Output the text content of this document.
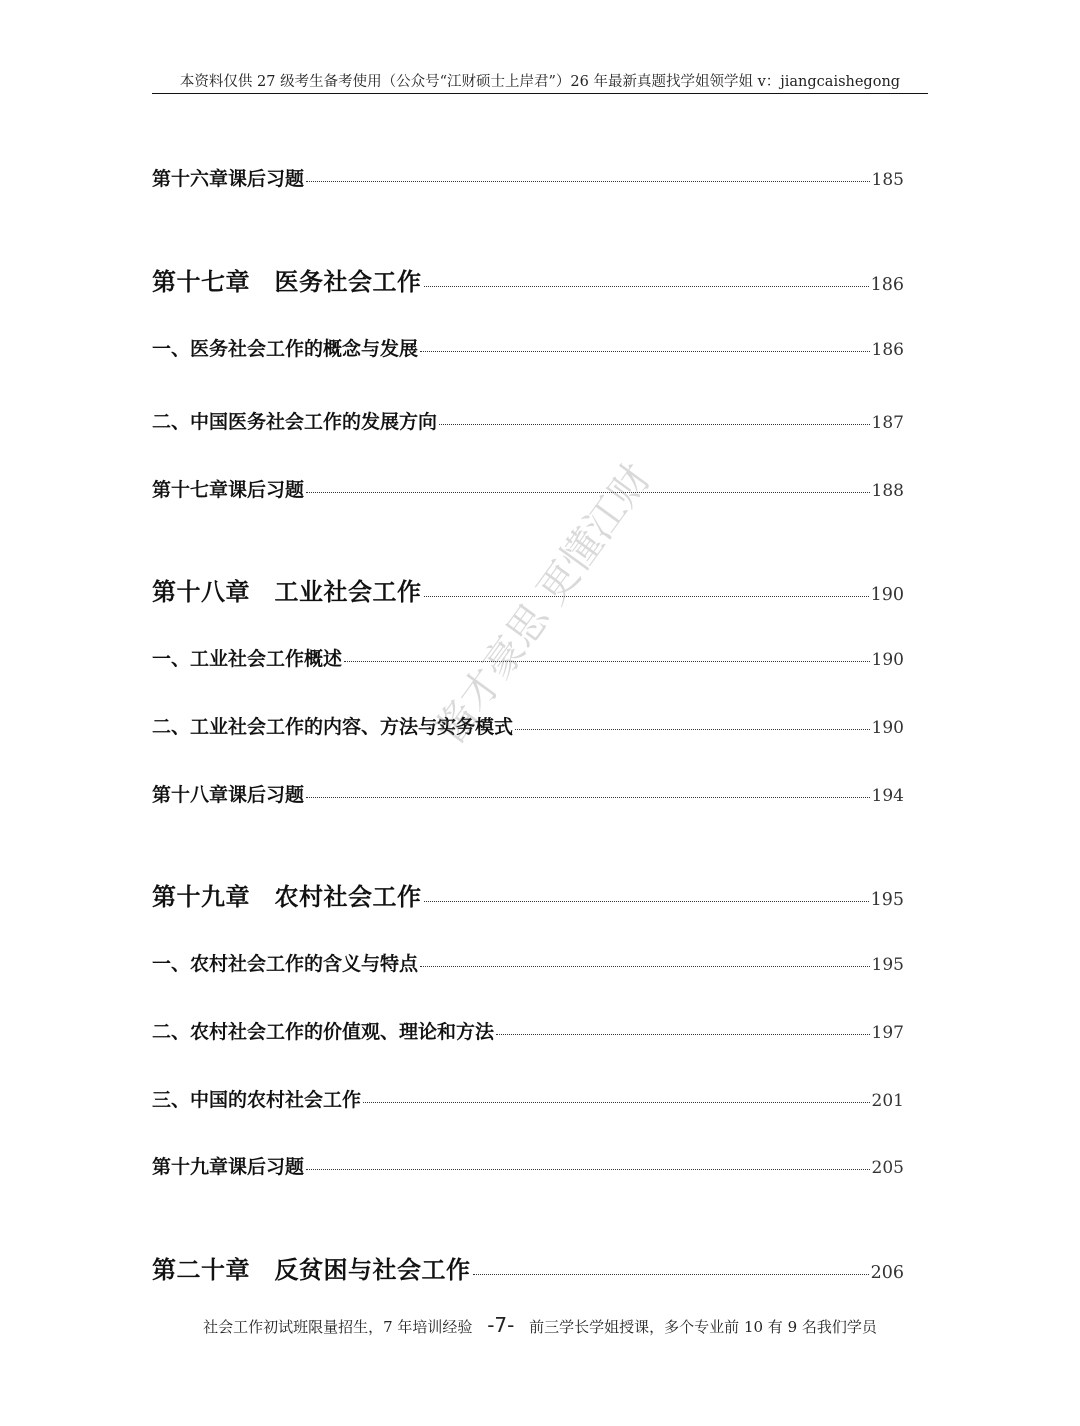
本资料仅供 27 级考生备考使用（公众号“江财硕士上岸君”）26 年最新真题找学姐领学姐 v：jiangcaishegong
第十六章课后习题	185
第十七章　医务社会工作	186
一、医务社会工作的概念与发展	186
二、中国医务社会工作的发展方向	187
第十七章课后习题	188
第十八章　工业社会工作	190
一、工业社会工作概述	190
二、工业社会工作的内容、方法与实务模式	190
第十八章课后习题	194
第十九章　农村社会工作	195
一、农村社会工作的含义与特点	195
二、农村社会工作的价值观、理论和方法	197
三、中国的农村社会工作	201
第十九章课后习题	205
第二十章　反贫困与社会工作	206
酱才豪思 更懂江财
社会工作初试班限量招生，7 年培训经验 -7- 前三学长学姐授课，多个专业前 10 有 9 名我们学员
